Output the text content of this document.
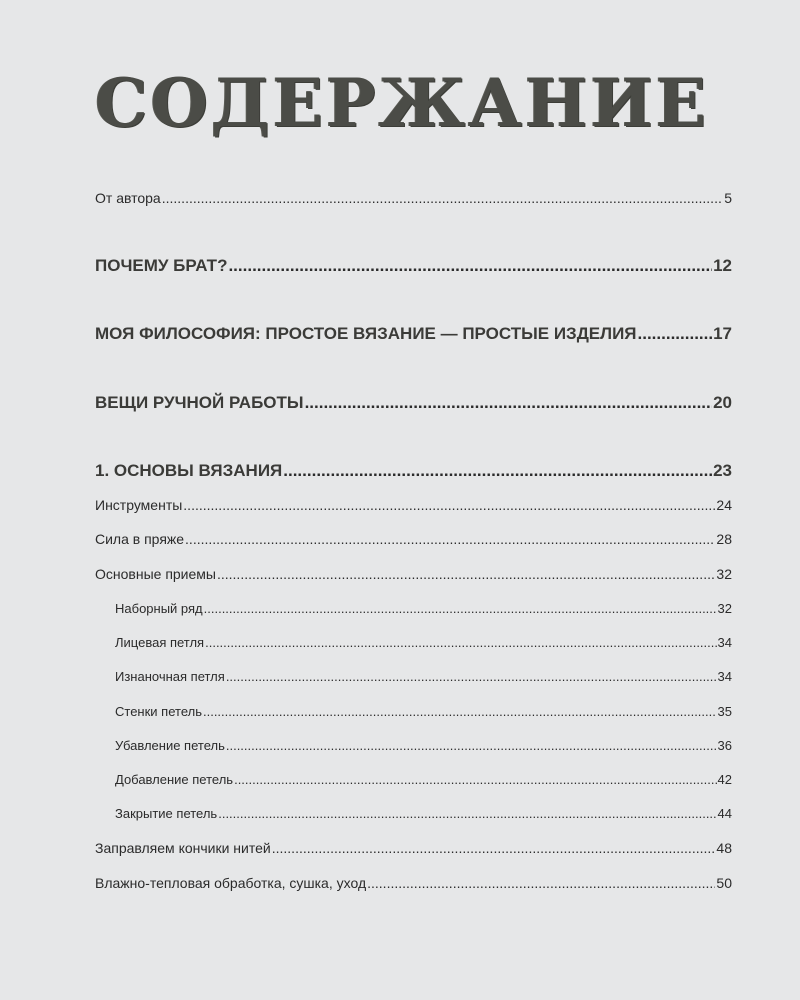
СОДЕРЖАНИЕ
От автора .....	5
ПОЧЕМУ БРАТ? .....	12
МОЯ ФИЛОСОФИЯ: ПРОСТОЕ ВЯЗАНИЕ — ПРОСТЫЕ ИЗДЕЛИЯ .....	17
ВЕЩИ РУЧНОЙ РАБОТЫ .....	20
1. ОСНОВЫ ВЯЗАНИЯ .....	23
Инструменты .....	24
Сила в пряже .....	28
Основные приемы .....	32
Наборный ряд .....	32
Лицевая петля .....	34
Изнаночная петля .....	34
Стенки петель .....	35
Убавление петель .....	36
Добавление петель .....	42
Закрытие петель .....	44
Заправляем кончики нитей .....	48
Влажно-тепловая обработка, сушка, уход .....	50
